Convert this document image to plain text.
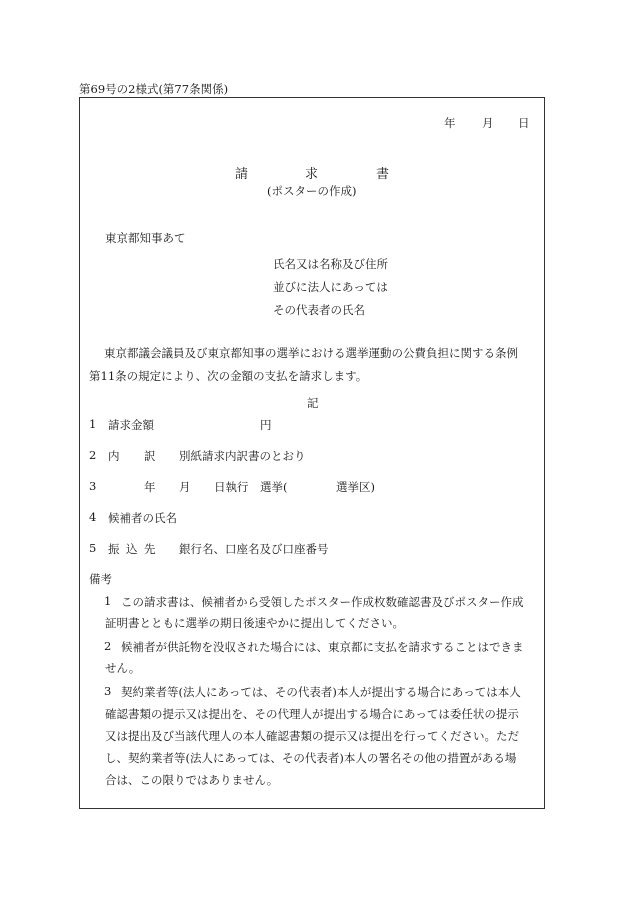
第69号の2様式(第77条関係)
年 月 日
請	求	書
(ポスターの作成)
東京都知事あて
氏名又は名称及び住所
並びに法人にあっては
その代表者の氏名
東京都議会議員及び東京都知事の選挙における選挙運動の公費負担に関する条例
第11条の規定により、次の金額の支払を請求します。
記
1 請求金額	円
2 内 訳 別紙請求内訳書のとおり
3	年 月 日執行 選挙(	選挙区)
4 候補者の氏名
5 振 込 先 銀行名、口座名及び口座番号
備考
1 この請求書は、候補者から受領したポスター作成枚数確認書及びポスター作成
証明書とともに選挙の期日後速やかに提出してください。
2 候補者が供託物を没収された場合には、東京都に支払を請求することはできま
せん。
3 契約業者等(法人にあっては、その代表者)本人が提出する場合にあっては本人
確認書類の提示又は提出を、その代理人が提出する場合にあっては委任状の提示
又は提出及び当該代理人の本人確認書類の提示又は提出を行ってください。ただ
し、契約業者等(法人にあっては、その代表者)本人の署名その他の措置がある場
合は、この限りではありません。
